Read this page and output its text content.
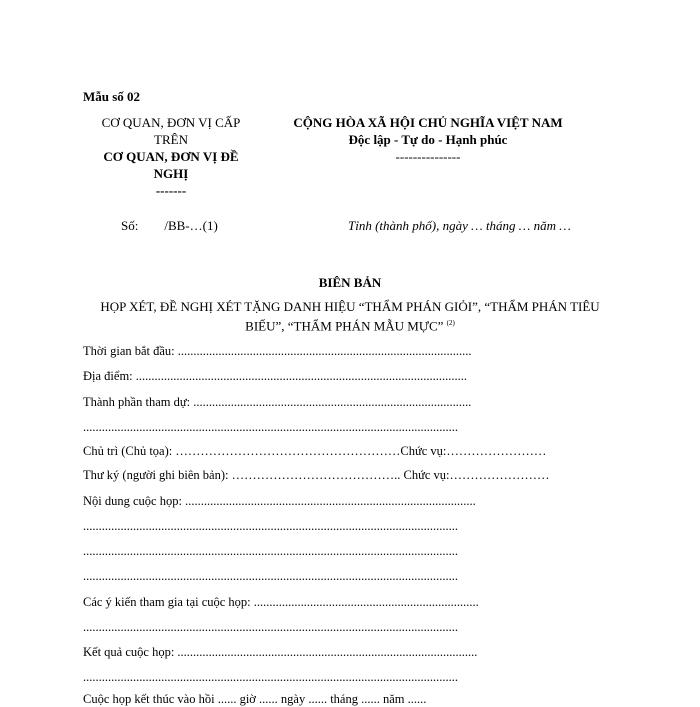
Mẫu số 02
CƠ QUAN, ĐƠN VỊ CẤP
TRÊN
CƠ QUAN, ĐƠN VỊ ĐỀ
NGHỊ
-------
CỘNG HÒA XÃ HỘI CHỦ NGHĨA VIỆT NAM
Độc lập - Tự do - Hạnh phúc
---------------
Số: /BB-…(1)	Tỉnh (thành phố), ngày … tháng … năm …
BIÊN BẢN
HỌP XÉT, ĐỀ NGHỊ XÉT TẶNG DANH HIỆU “THẨM PHÁN GIỎI”, “THẨM PHÁN TIÊU
BIỂU”, “THẨM PHÁN MẪU MỰC” $^{(2)}$
Thời gian bắt đầu: ..............................................................................................
Địa điểm: ..........................................................................................................
Thành phần tham dự: .........................................................................................
........................................................................................................................
Chủ trì (Chủ tọa): ………………………………………………Chức vụ:……………………
Thư ký (người ghi biên bản): ………………………………….. Chức vụ:……………………
Nội dung cuộc họp: .............................................................................................
........................................................................................................................
........................................................................................................................
........................................................................................................................
Các ý kiến tham gia tại cuộc họp: ........................................................................
........................................................................................................................
Kết quả cuộc họp: ................................................................................................
........................................................................................................................
Cuộc họp kết thúc vào hồi ...... giờ ...... ngày ...... tháng ...... năm ......
